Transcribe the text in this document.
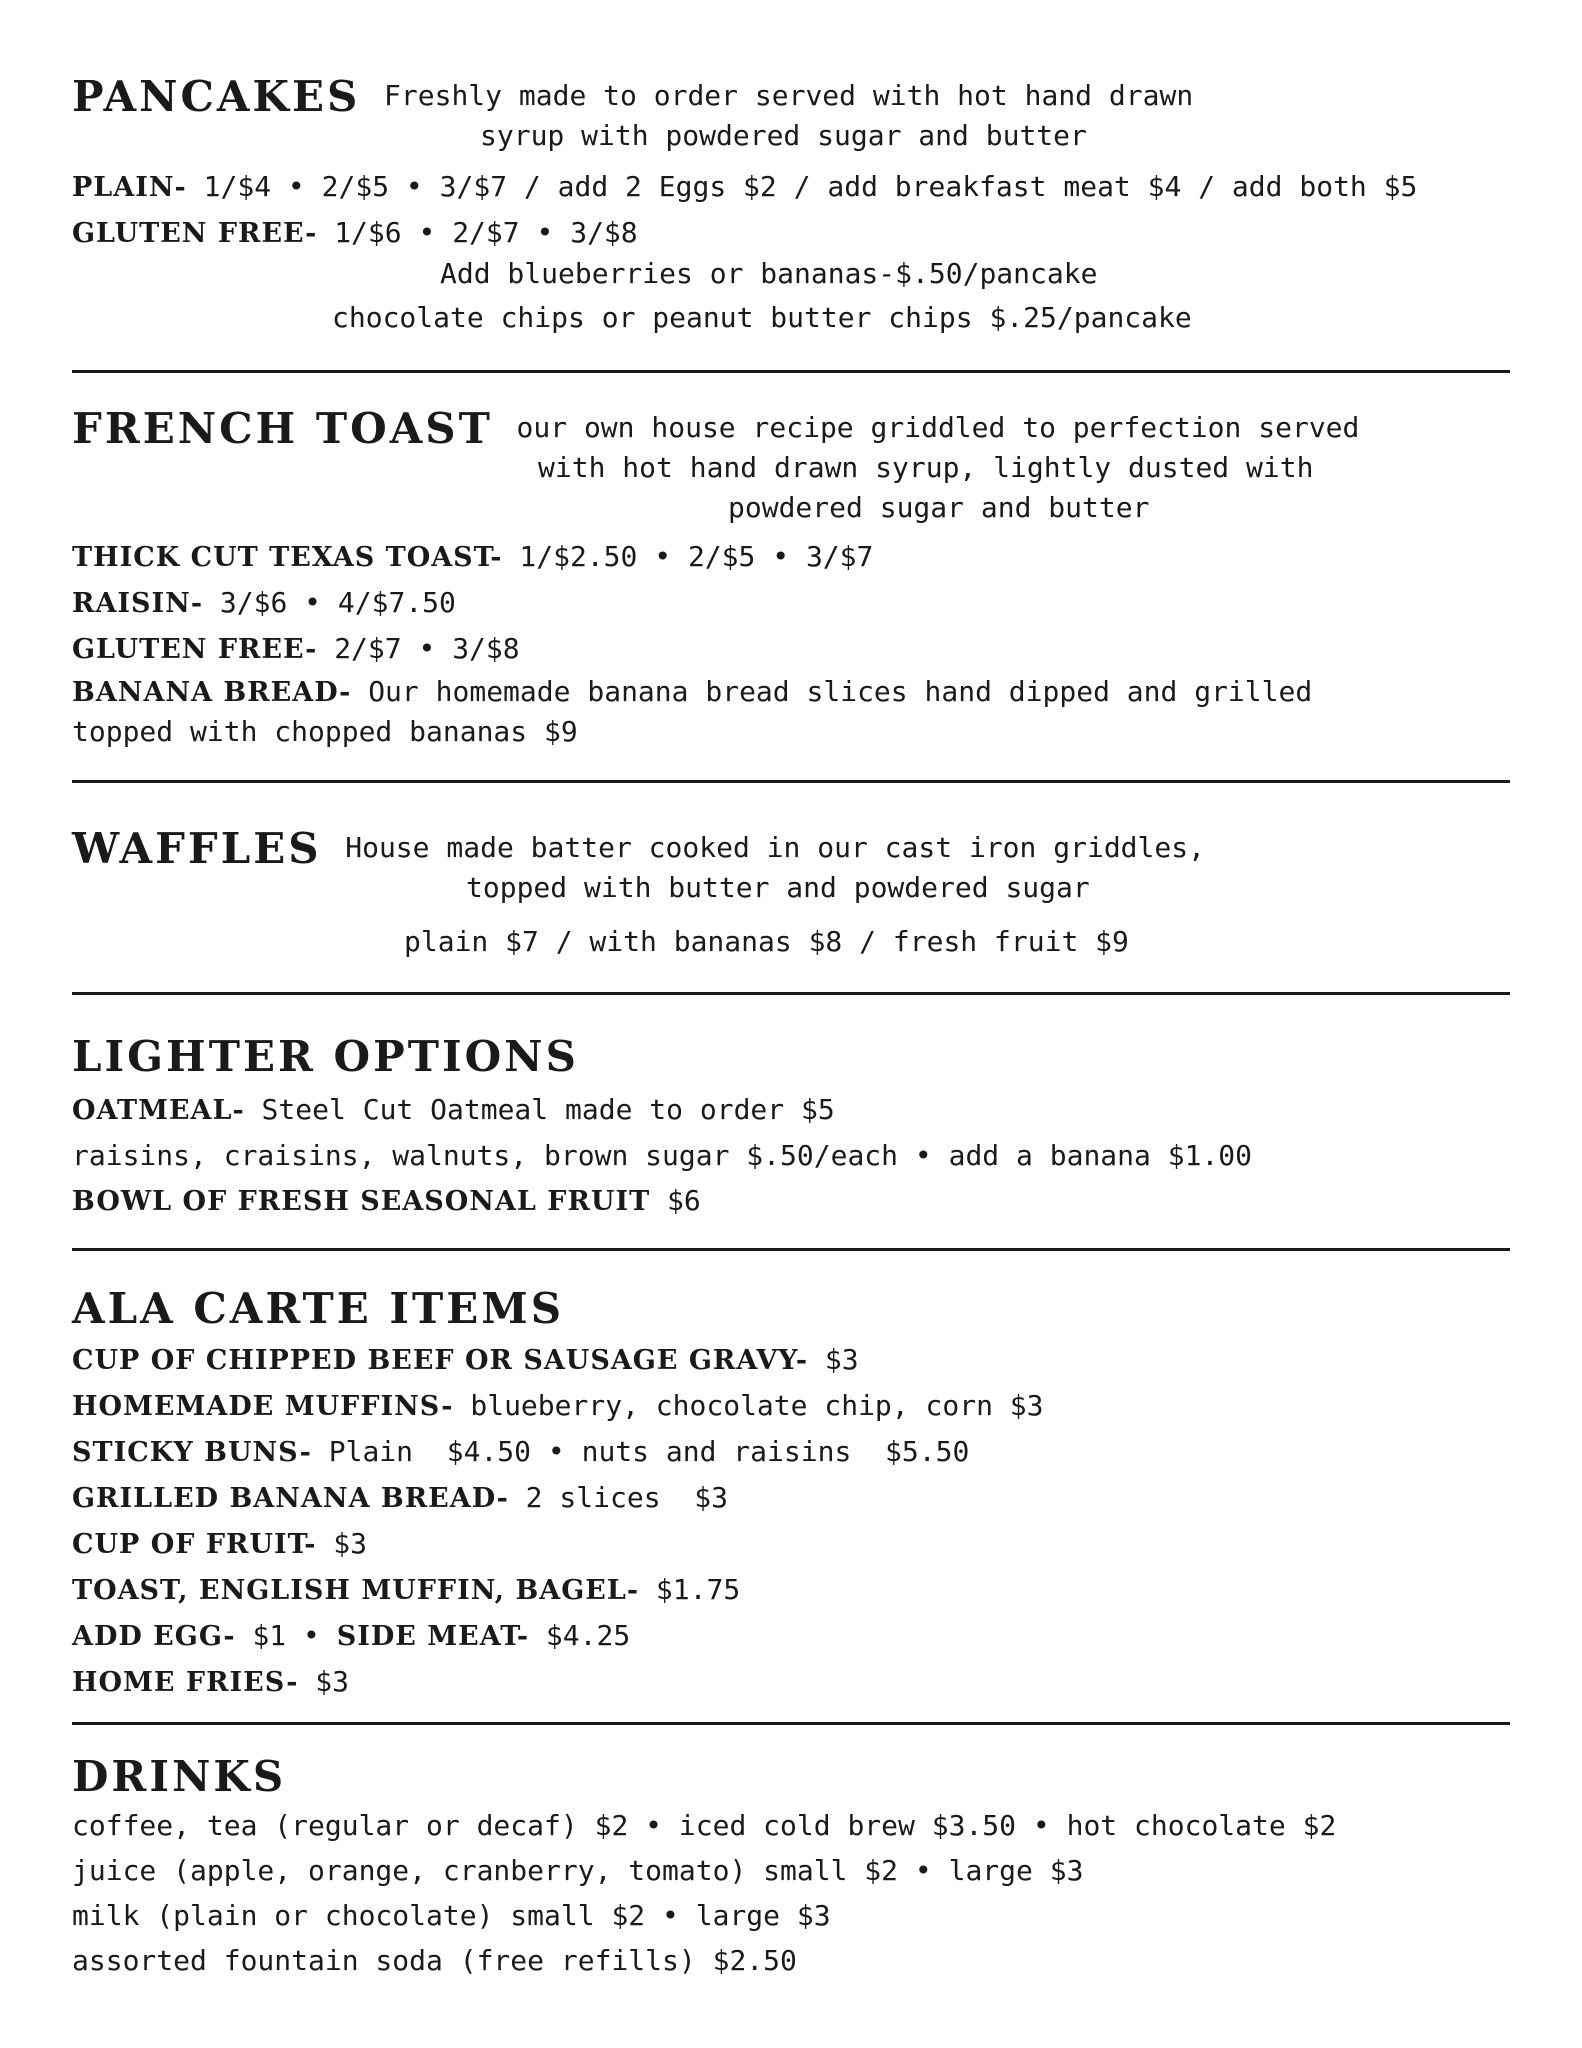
PANCAKES Freshly made to order served with hot hand drawn
syrup with powdered sugar and butter
PLAIN- 1/$4 • 2/$5 • 3/$7 / add 2 Eggs $2 / add breakfast meat $4 / add both $5
GLUTEN FREE- 1/$6 • 2/$7 • 3/$8
Add blueberries or bananas-$.50/pancake
chocolate chips or peanut butter chips $.25/pancake
FRENCH TOAST our own house recipe griddled to perfection served
with hot hand drawn syrup, lightly dusted with
powdered sugar and butter
THICK CUT TEXAS TOAST- 1/$2.50 • 2/$5 • 3/$7
RAISIN- 3/$6 • 4/$7.50
GLUTEN FREE- 2/$7 • 3/$8
BANANA BREAD- Our homemade banana bread slices hand dipped and grilled
topped with chopped bananas $9
WAFFLES House made batter cooked in our cast iron griddles,
topped with butter and powdered sugar
plain $7 / with bananas $8 / fresh fruit $9
LIGHTER OPTIONS
OATMEAL- Steel Cut Oatmeal made to order $5
raisins, craisins, walnuts, brown sugar $.50/each • add a banana $1.00
BOWL OF FRESH SEASONAL FRUIT $6
ALA CARTE ITEMS
CUP OF CHIPPED BEEF OR SAUSAGE GRAVY- $3
HOMEMADE MUFFINS- blueberry, chocolate chip, corn $3
STICKY BUNS- Plain  $4.50 • nuts and raisins  $5.50
GRILLED BANANA BREAD- 2 slices  $3
CUP OF FRUIT- $3
TOAST, ENGLISH MUFFIN, BAGEL- $1.75
ADD EGG- $1 • SIDE MEAT- $4.25
HOME FRIES- $3
DRINKS
coffee, tea (regular or decaf) $2 • iced cold brew $3.50 • hot chocolate $2
juice (apple, orange, cranberry, tomato) small $2 • large $3
milk (plain or chocolate) small $2 • large $3
assorted fountain soda (free refills) $2.50
